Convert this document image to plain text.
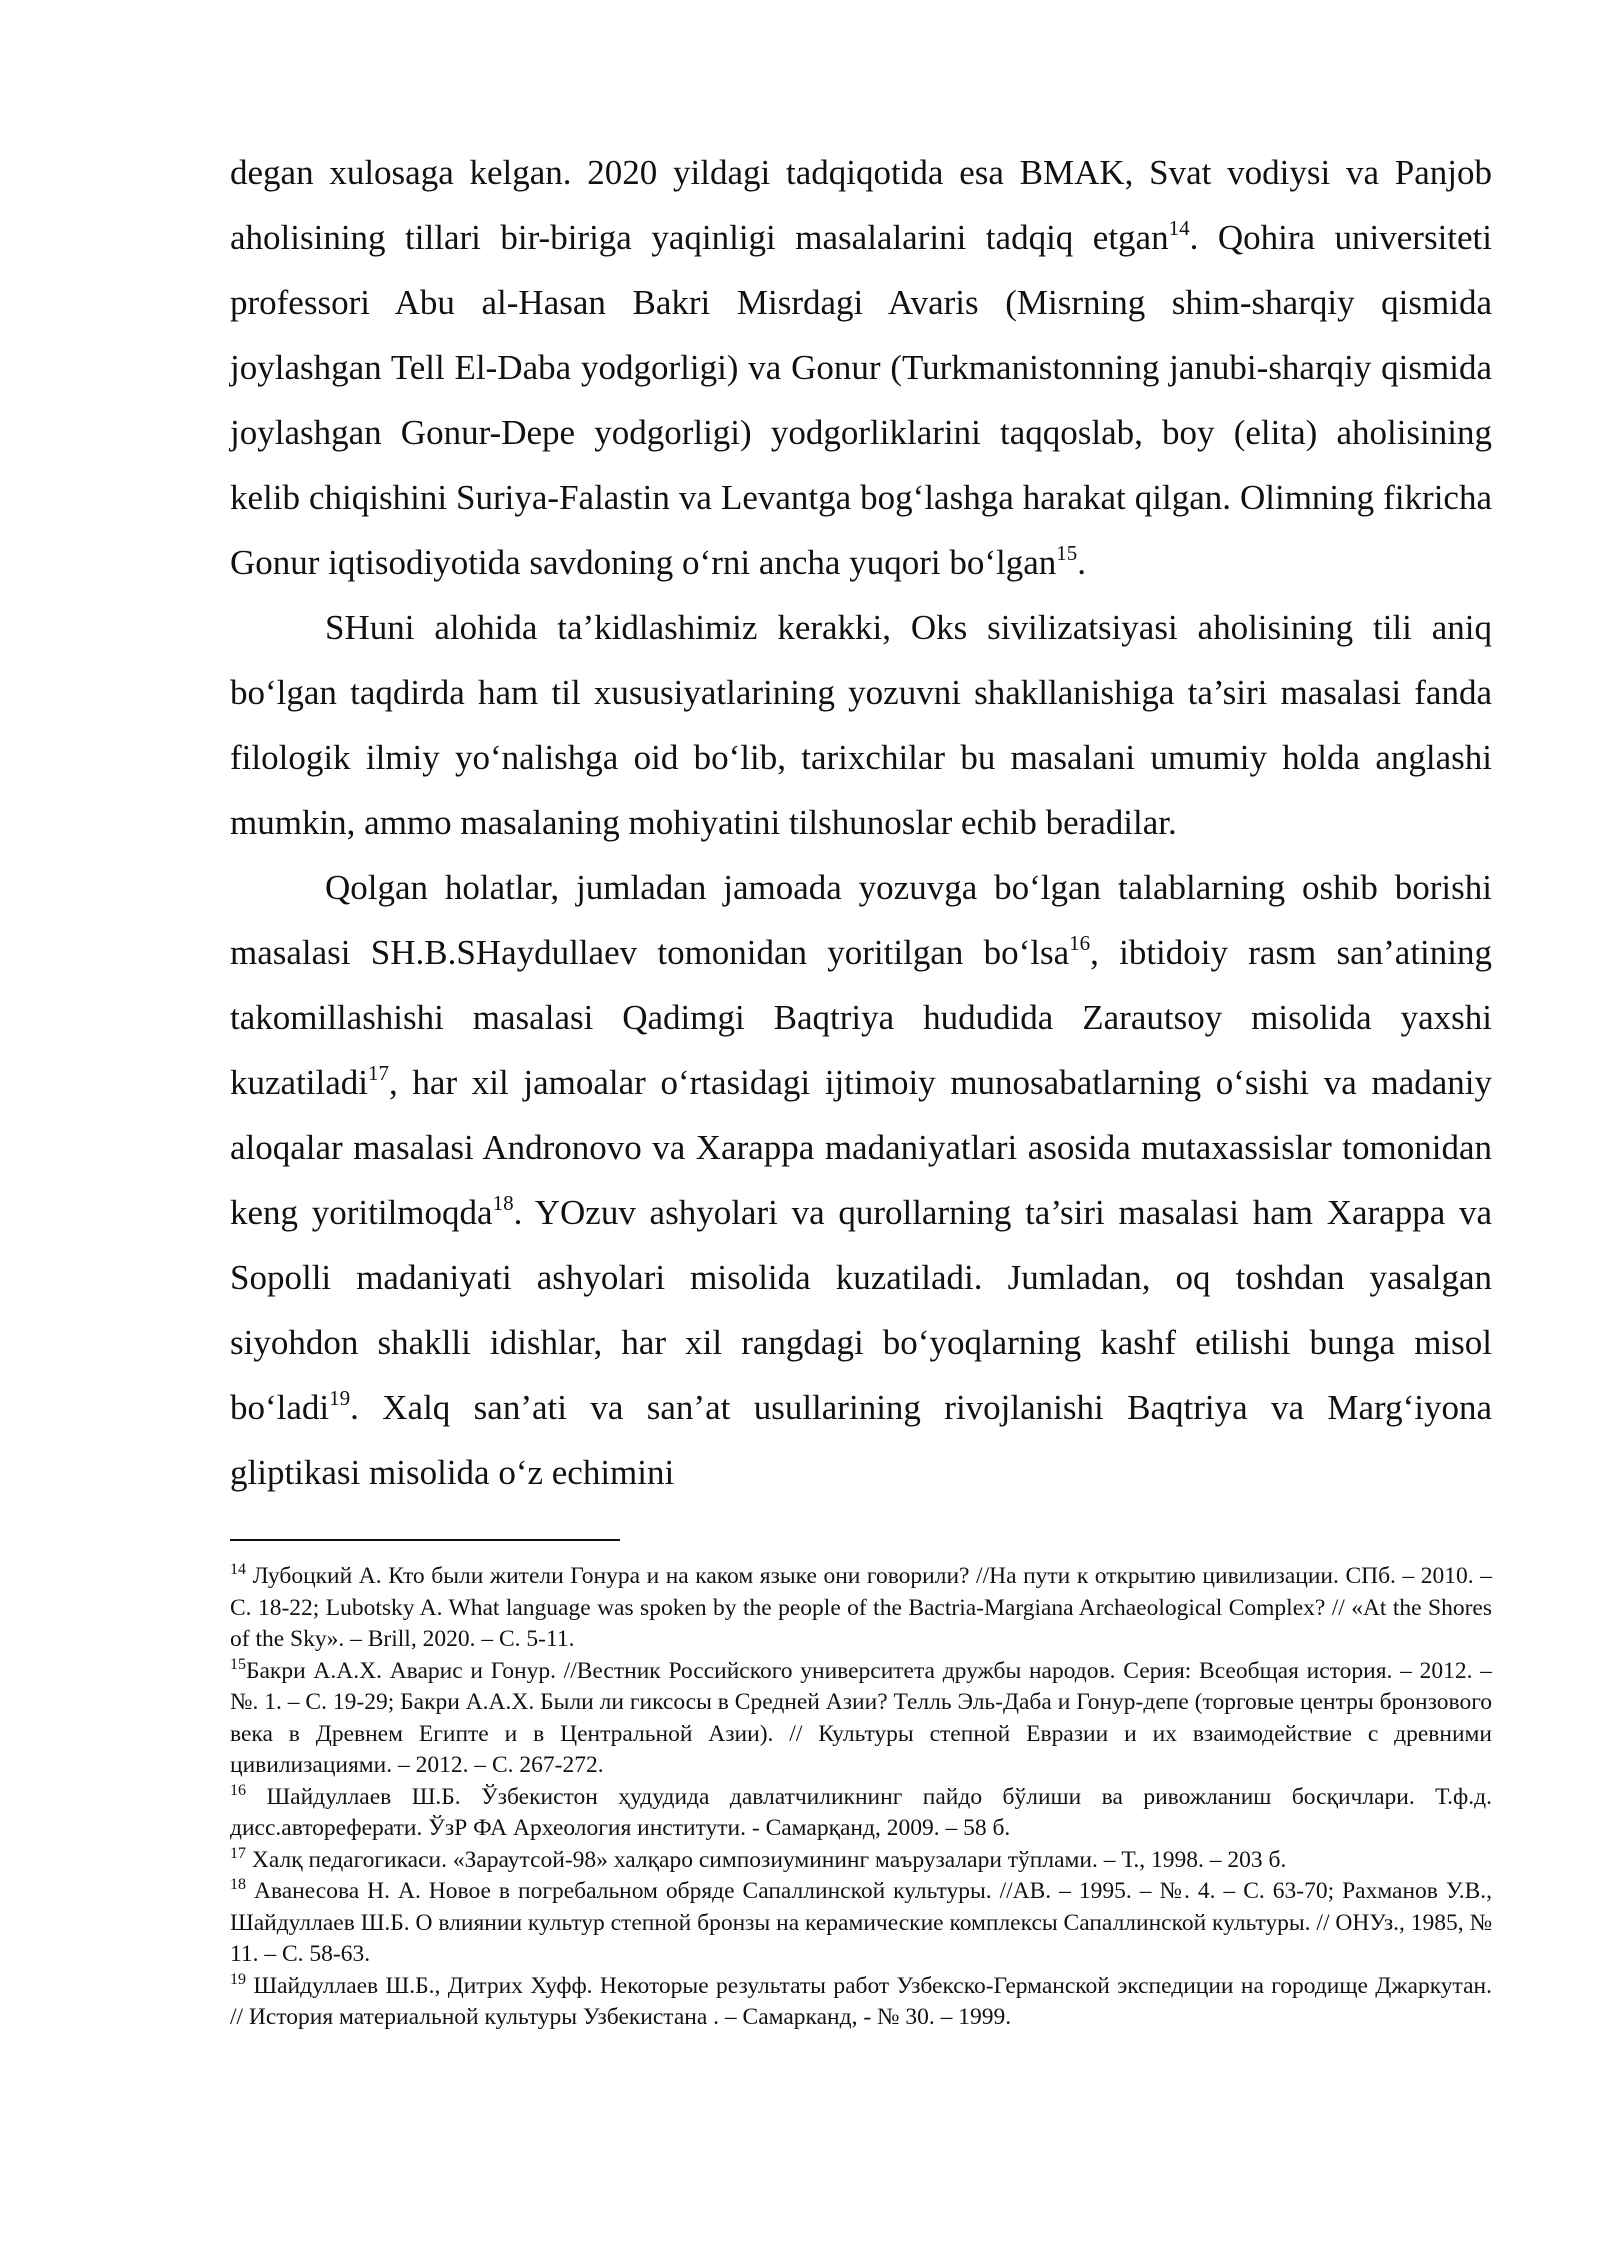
degan xulosaga kelgan. 2020 yildagi tadqiqotida esa BMAK, Svat vodiysi va Panjob aholisining tillari bir-biriga yaqinligi masalalarini tadqiq etgan$^{14}$. Qohira universiteti professori Abu al-Hasan Bakri Misrdagi Avaris (Misrning shim-sharqiy qismida joylashgan Tell El-Daba yodgorligi) va Gonur (Turkmanistonning janubi-sharqiy qismida joylashgan Gonur-Depe yodgorligi) yodgorliklarini taqqoslab, boy (elita) aholisining kelib chiqishini Suriya-Falastin va Levantga bog‘lashga harakat qilgan. Olimning fikricha Gonur iqtisodiyotida savdoning o‘rni ancha yuqori bo‘lgan$^{15}$.

SHuni alohida ta’kidlashimiz kerakki, Oks sivilizatsiyasi aholisining tili aniq bo‘lgan taqdirda ham til xususiyatlarining yozuvni shakllanishiga ta’siri masalasi fanda filologik ilmiy yo‘nalishga oid bo‘lib, tarixchilar bu masalani umumiy holda anglashi mumkin, ammo masalaning mohiyatini tilshunoslar echib beradilar.

Qolgan holatlar, jumladan jamoada yozuvga bo‘lgan talablarning oshib borishi masalasi SH.B.SHaydullaev tomonidan yoritilgan bo‘lsa$^{16}$, ibtidoiy rasm san’atining takomillashishi masalasi Qadimgi Baqtriya hududida Zarautsoy misolida yaxshi kuzatiladi$^{17}$, har xil jamoalar o‘rtasidagi ijtimoiy munosabatlarning o‘sishi va madaniy aloqalar masalasi Andronovo va Xarappa madaniyatlari asosida mutaxassislar tomonidan keng yoritilmoqda$^{18}$. YOzuv ashyolari va qurollarning ta’siri masalasi ham Xarappa va Sopolli madaniyati ashyolari misolida kuzatiladi. Jumladan, oq toshdan yasalgan siyohdon shaklli idishlar, har xil rangdagi bo‘yoqlarning kashf etilishi bunga misol bo‘ladi$^{19}$. Xalq san’ati va san’at usullarining rivojlanishi Baqtriya va Marg‘iyona gliptikasi misolida o‘z echimini

$^{14}$ Лубоцкий А. Кто были жители Гонура и на каком языке они говорили? //На пути к открытию цивилизации. СПб. – 2010. – С. 18-22; Lubotsky A. What language was spoken by the people of the Bactria-Margiana Archaeological Complex? // «At the Shores of the Sky». – Brill, 2020. – C. 5-11.

$^{15}$Бакри А.А.Х. Аварис и Гонур. //Вестник Российского университета дружбы народов. Серия: Всеобщая история. – 2012. – №. 1. – С. 19-29; Бакри А.А.Х. Были ли гиксосы в Средней Азии? Телль Эль-Даба и Гонур-депе (торговые центры бронзового века в Древнем Египте и в Центральной Азии). // Культуры степной Евразии и их взаимодействие с древними цивилизациями. – 2012. – С. 267-272.

$^{16}$ Шайдуллаев Ш.Б. Ўзбекистон ҳудудида давлатчиликнинг пайдо бўлиши ва ривожланиш босқичлари. Т.ф.д. дисс.автореферати. ЎзР ФА Археология институти. - Самарқанд, 2009. – 58 б.

$^{17}$ Халқ педагогикаси. «Зараутсой-98» халқаро симпозиумининг маърузалари тўплами. – Т., 1998. – 203 б.

$^{18}$ Аванесова Н. А. Новое в погребальном обряде Сапаллинской культуры. //АВ. – 1995. – №. 4. – С. 63-70; Рахманов У.В., Шайдуллаев Ш.Б. О влиянии культур степной бронзы на керамические комплексы Сапаллинской культуры. // ОНУз., 1985, № 11. – С. 58-63.

$^{19}$ Шайдуллаев Ш.Б., Дитрих Хуфф. Некоторые результаты работ Узбекско-Германской экспедиции на городище Джаркутан. // История материальной культуры Узбекистана . – Самарканд, - № 30. – 1999.
